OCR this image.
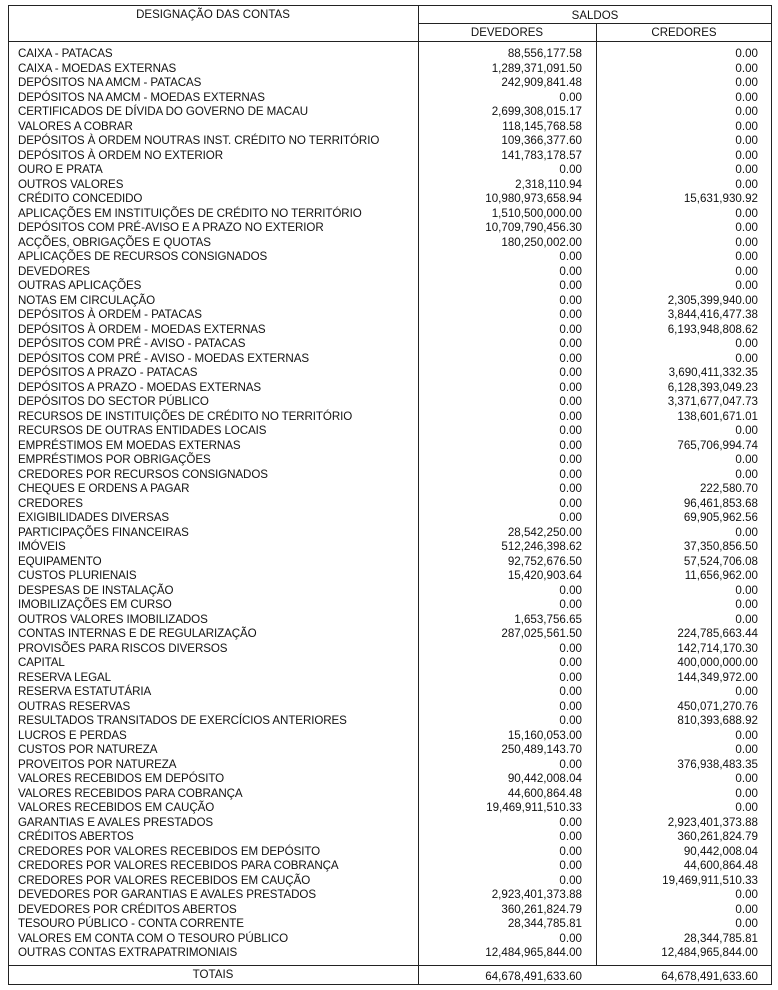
DESIGNAÇÃO DAS CONTAS	SALDOS
DEVEDORES	CREDORES
CAIXA - PATACAS	88,556,177.58	0.00
CAIXA - MOEDAS EXTERNAS	1,289,371,091.50	0.00
DEPÓSITOS NA AMCM - PATACAS	242,909,841.48	0.00
DEPÓSITOS NA AMCM - MOEDAS EXTERNAS	0.00	0.00
CERTIFICADOS DE DÍVIDA DO GOVERNO DE MACAU	2,699,308,015.17	0.00
VALORES A COBRAR	118,145,768.58	0.00
DEPÓSITOS À ORDEM NOUTRAS INST. CRÉDITO NO TERRITÓRIO	109,366,377.60	0.00
DEPÓSITOS À ORDEM NO EXTERIOR	141,783,178.57	0.00
OURO E PRATA	0.00	0.00
OUTROS VALORES	2,318,110.94	0.00
CRÉDITO CONCEDIDO	10,980,973,658.94	15,631,930.92
APLICAÇÕES EM INSTITUIÇÕES DE CRÉDITO NO TERRITÓRIO	1,510,500,000.00	0.00
DEPÓSITOS COM PRÉ-AVISO E A PRAZO NO EXTERIOR	10,709,790,456.30	0.00
ACÇÕES, OBRIGAÇÕES E QUOTAS	180,250,002.00	0.00
APLICAÇÕES DE RECURSOS CONSIGNADOS	0.00	0.00
DEVEDORES	0.00	0.00
OUTRAS APLICAÇÕES	0.00	0.00
NOTAS EM CIRCULAÇÃO	0.00	2,305,399,940.00
DEPÓSITOS À ORDEM - PATACAS	0.00	3,844,416,477.38
DEPÓSITOS À ORDEM - MOEDAS EXTERNAS	0.00	6,193,948,808.62
DEPÓSITOS COM PRÉ - AVISO - PATACAS	0.00	0.00
DEPÓSITOS COM PRÉ - AVISO - MOEDAS EXTERNAS	0.00	0.00
DEPÓSITOS A PRAZO - PATACAS	0.00	3,690,411,332.35
DEPÓSITOS A PRAZO - MOEDAS EXTERNAS	0.00	6,128,393,049.23
DEPÓSITOS DO SECTOR PÚBLICO	0.00	3,371,677,047.73
RECURSOS DE INSTITUIÇÕES DE CRÉDITO NO TERRITÓRIO	0.00	138,601,671.01
RECURSOS DE OUTRAS ENTIDADES LOCAIS	0.00	0.00
EMPRÉSTIMOS EM MOEDAS EXTERNAS	0.00	765,706,994.74
EMPRÉSTIMOS POR OBRIGAÇÕES	0.00	0.00
CREDORES POR RECURSOS CONSIGNADOS	0.00	0.00
CHEQUES E ORDENS A PAGAR	0.00	222,580.70
CREDORES	0.00	96,461,853.68
EXIGIBILIDADES DIVERSAS	0.00	69,905,962.56
PARTICIPAÇÕES FINANCEIRAS	28,542,250.00	0.00
IMÓVEIS	512,246,398.62	37,350,856.50
EQUIPAMENTO	92,752,676.50	57,524,706.08
CUSTOS PLURIENAIS	15,420,903.64	11,656,962.00
DESPESAS DE INSTALAÇÃO	0.00	0.00
IMOBILIZAÇÕES EM CURSO	0.00	0.00
OUTROS VALORES IMOBILIZADOS	1,653,756.65	0.00
CONTAS INTERNAS E DE REGULARIZAÇÃO	287,025,561.50	224,785,663.44
PROVISÕES PARA RISCOS DIVERSOS	0.00	142,714,170.30
CAPITAL	0.00	400,000,000.00
RESERVA LEGAL	0.00	144,349,972.00
RESERVA ESTATUTÁRIA	0.00	0.00
OUTRAS RESERVAS	0.00	450,071,270.76
RESULTADOS TRANSITADOS DE EXERCÍCIOS ANTERIORES	0.00	810,393,688.92
LUCROS E PERDAS	15,160,053.00	0.00
CUSTOS POR NATUREZA	250,489,143.70	0.00
PROVEITOS POR NATUREZA	0.00	376,938,483.35
VALORES RECEBIDOS EM DEPÓSITO	90,442,008.04	0.00
VALORES RECEBIDOS PARA COBRANÇA	44,600,864.48	0.00
VALORES RECEBIDOS EM CAUÇÃO	19,469,911,510.33	0.00
GARANTIAS E AVALES PRESTADOS	0.00	2,923,401,373.88
CRÉDITOS ABERTOS	0.00	360,261,824.79
CREDORES POR VALORES RECEBIDOS EM DEPÓSITO	0.00	90,442,008.04
CREDORES POR VALORES RECEBIDOS PARA COBRANÇA	0.00	44,600,864.48
CREDORES POR VALORES RECEBIDOS EM CAUÇÃO	0.00	19,469,911,510.33
DEVEDORES POR GARANTIAS E AVALES PRESTADOS	2,923,401,373.88	0.00
DEVEDORES POR CRÉDITOS ABERTOS	360,261,824.79	0.00
TESOURO PÚBLICO - CONTA CORRENTE	28,344,785.81	0.00
VALORES EM CONTA COM O TESOURO PÚBLICO	0.00	28,344,785.81
OUTRAS CONTAS EXTRAPATRIMONIAIS	12,484,965,844.00	12,484,965,844.00
TOTAIS	64,678,491,633.60	64,678,491,633.60
